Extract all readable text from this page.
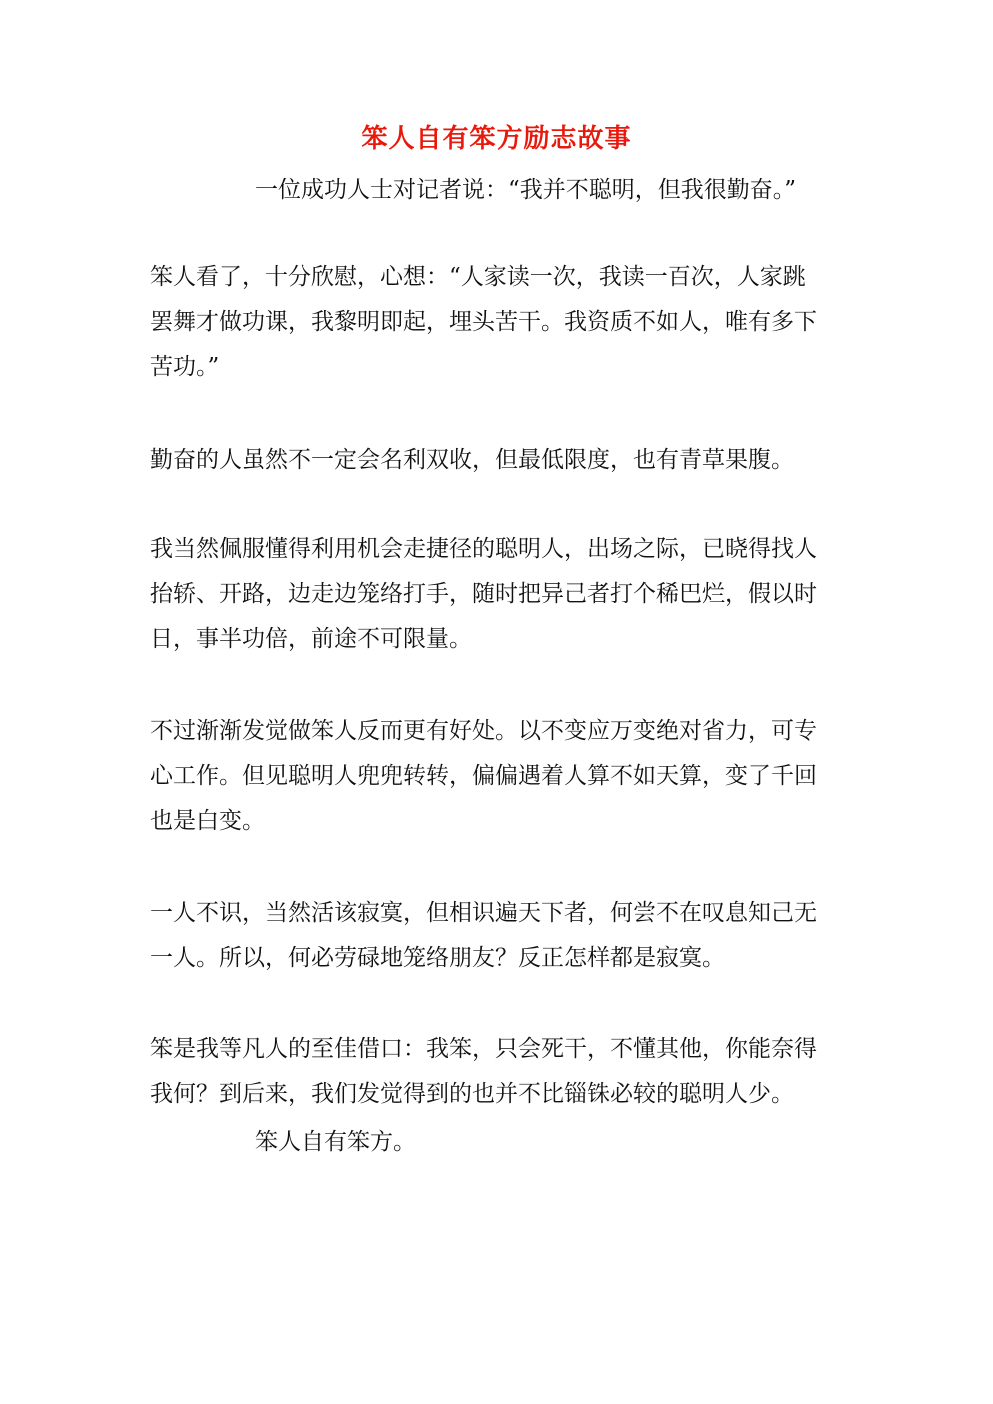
笨人自有笨方励志故事
一位成功人士对记者说：“我并不聪明，但我很勤奋。”
笨人看了，十分欣慰，心想：“人家读一次，我读一百次，人家跳
罢舞才做功课，我黎明即起，埋头苦干。我资质不如人，唯有多下
苦功。”
勤奋的人虽然不一定会名利双收，但最低限度，也有青草果腹。
我当然佩服懂得利用机会走捷径的聪明人，出场之际，已晓得找人
抬轿、开路，边走边笼络打手，随时把异己者打个稀巴烂，假以时
日，事半功倍，前途不可限量。
不过渐渐发觉做笨人反而更有好处。以不变应万变绝对省力，可专
心工作。但见聪明人兜兜转转，偏偏遇着人算不如天算，变了千回
也是白变。
一人不识，当然活该寂寞，但相识遍天下者，何尝不在叹息知己无
一人。所以，何必劳碌地笼络朋友？反正怎样都是寂寞。
笨是我等凡人的至佳借口：我笨，只会死干，不懂其他，你能奈得
我何？到后来，我们发觉得到的也并不比锱铢必较的聪明人少。
笨人自有笨方。
